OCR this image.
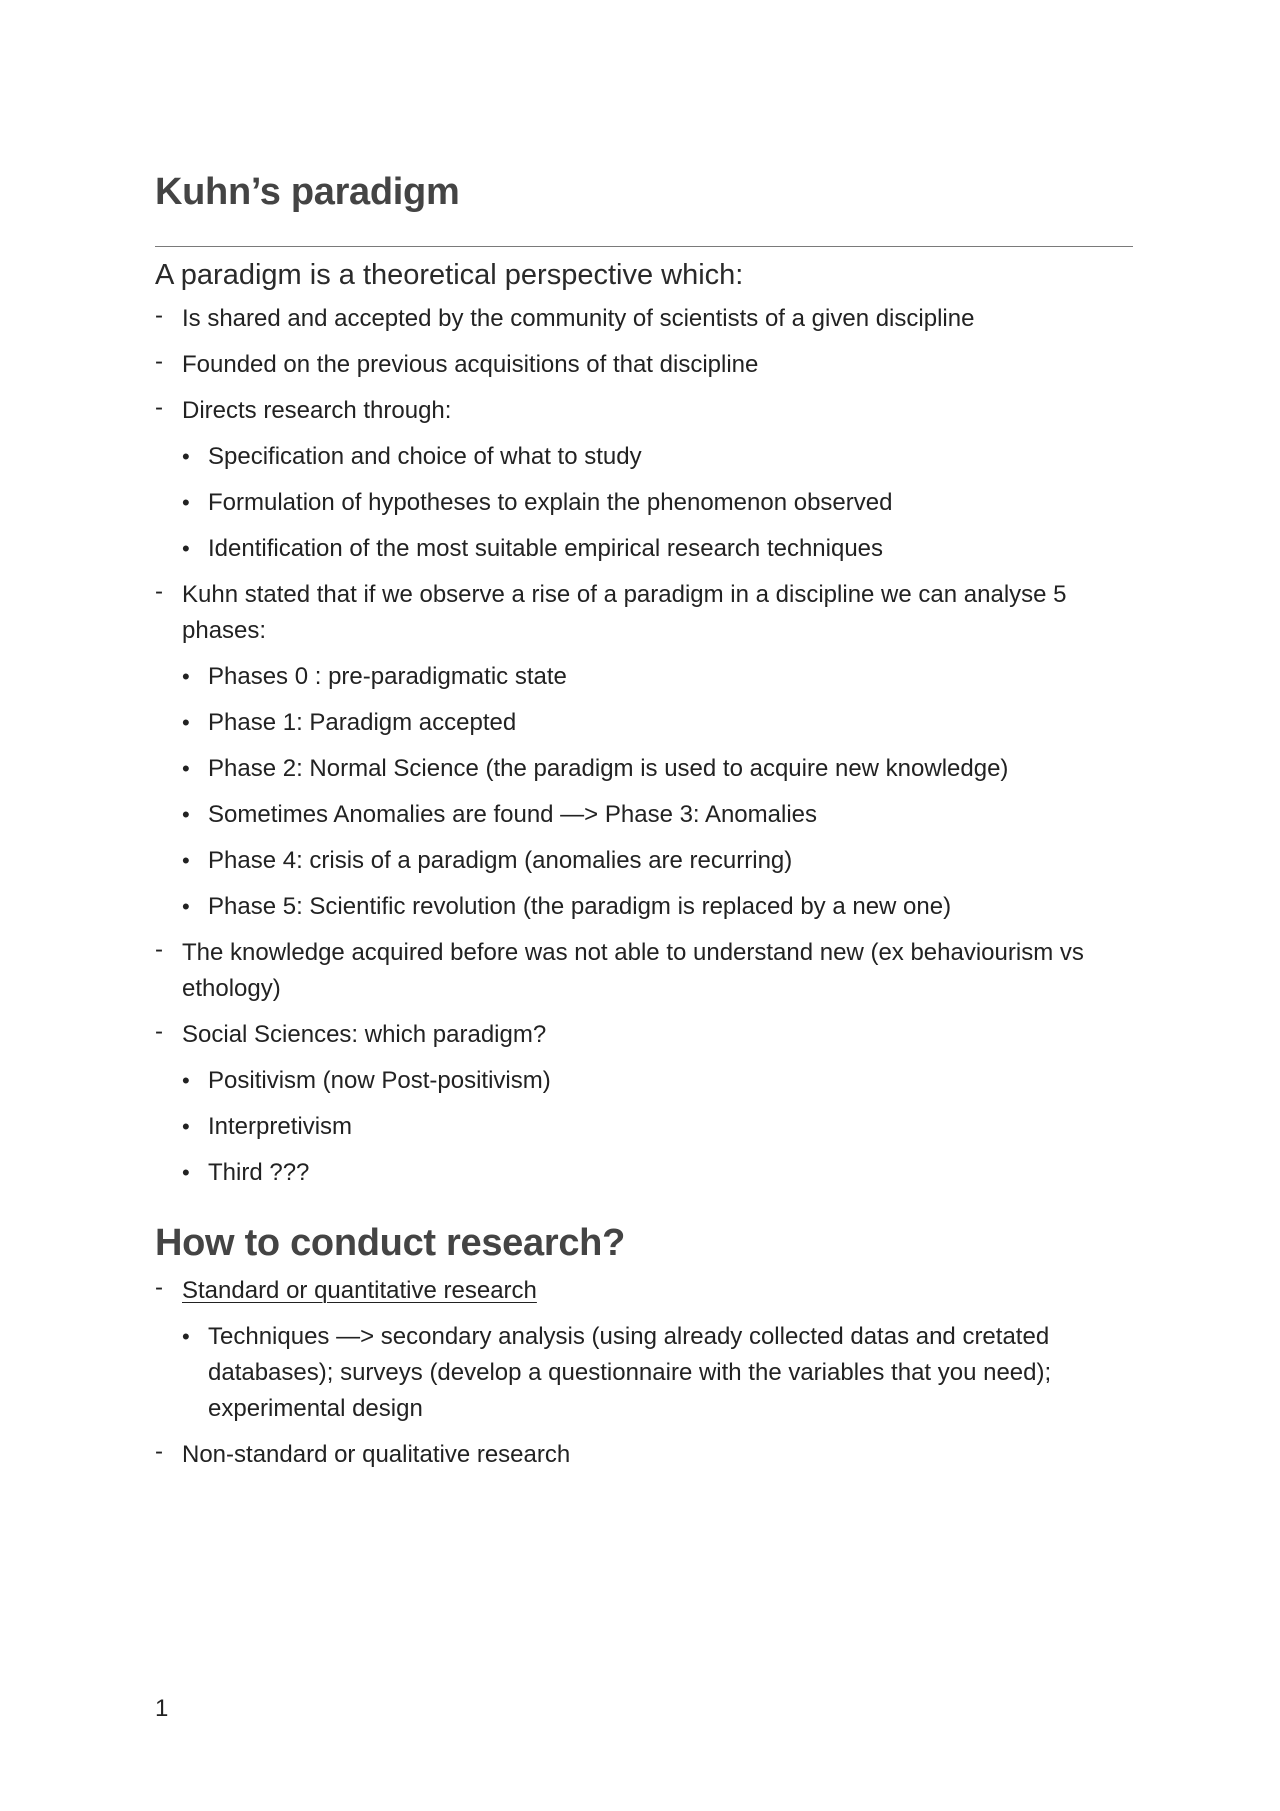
Kuhn’s paradigm

A paradigm is a theoretical perspective which:

- Is shared and accepted by the community of scientists of a given discipline
- Founded on the previous acquisitions of that discipline
- Directs research through:
• Specification and choice of what to study
• Formulation of hypotheses to explain the phenomenon observed
• Identification of the most suitable empirical research techniques
- Kuhn stated that if we observe a rise of a paradigm in a discipline we can analyse 5 phases:
• Phases 0 : pre-paradigmatic state
• Phase 1: Paradigm accepted
• Phase 2: Normal Science (the paradigm is used to acquire new knowledge)
• Sometimes Anomalies are found —> Phase 3: Anomalies
• Phase 4: crisis of a paradigm (anomalies are recurring)
• Phase 5: Scientific revolution (the paradigm is replaced by a new one)
- The knowledge acquired before was not able to understand new (ex behaviourism vs ethology)
- Social Sciences: which paradigm?
• Positivism (now Post-positivism)
• Interpretivism
• Third ???
How to conduct research?
- Standard or quantitative research
• Techniques —> secondary analysis (using already collected datas and cretated databases); surveys (develop a questionnaire with the variables that you need); experimental design
- Non-standard or qualitative research
1
